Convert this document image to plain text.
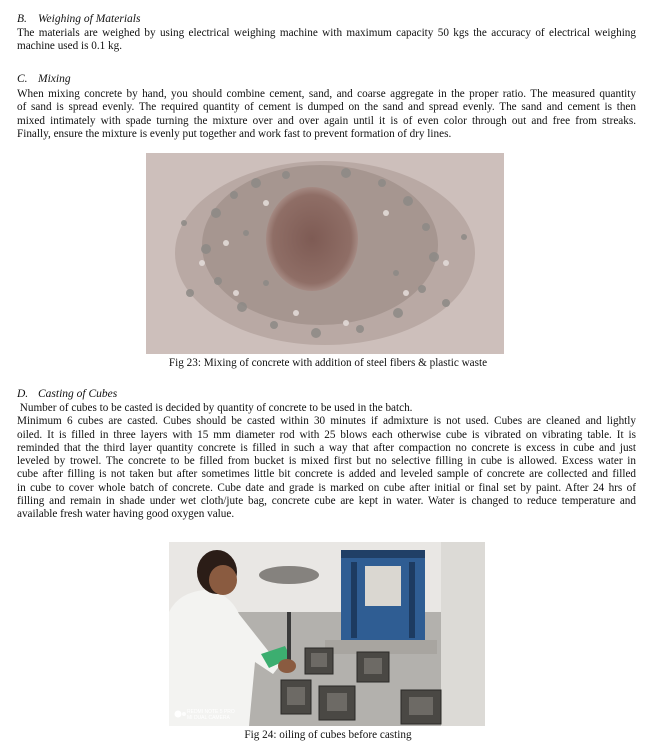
B. Weighing of Materials

The materials are weighed by using electrical weighing machine with maximum capacity 50 kgs the accuracy of electrical weighing
machine used is 0.1 kg.

C. Mixing

When mixing concrete by hand, you should combine cement, sand, and coarse aggregate in the proper ratio. The measured quantity
of sand is spread evenly. The required quantity of cement is dumped on the sand and spread evenly. The sand and cement is then
mixed intimately with spade turning the mixture over and over again until it is of even color through out and free from streaks.
Finally, ensure the mixture is evenly put together and work fast to prevent formation of dry lines.

Fig 23: Mixing of concrete with addition of steel fibers & plastic waste
D. Casting of Cubes

Number of cubes to be casted is decided by quantity of concrete to be used in the batch.
Minimum 6 cubes are casted. Cubes should be casted within 30 minutes if admixture is not used. Cubes are cleaned and lightly
oiled. It is filled in three layers with 15 mm diameter rod with 25 blows each otherwise cube is vibrated on vibrating table. It is
reminded that the third layer quantity concrete is filled in such a way that after compaction no concrete is excess in cube and just
leveled by trowel. The concrete to be filled from bucket is mixed first but no selective filling in cube is allowed. Excess water in
cube after filling is not taken but after sometimes little bit concrete is added and leveled sample of concrete are collected and filled
in cube to cover whole batch of concrete. Cube date and grade is marked on cube after initial or final set by paint. After 24 hrs of
filling and remain in shade under wet cloth/jute bag, concrete cube are kept in water. Water is changed to reduce temperature and
available fresh water having good oxygen value.

REDMI NOTE 5 PRO
MI DUAL CAMERA
Fig 24: oiling of cubes before casting
